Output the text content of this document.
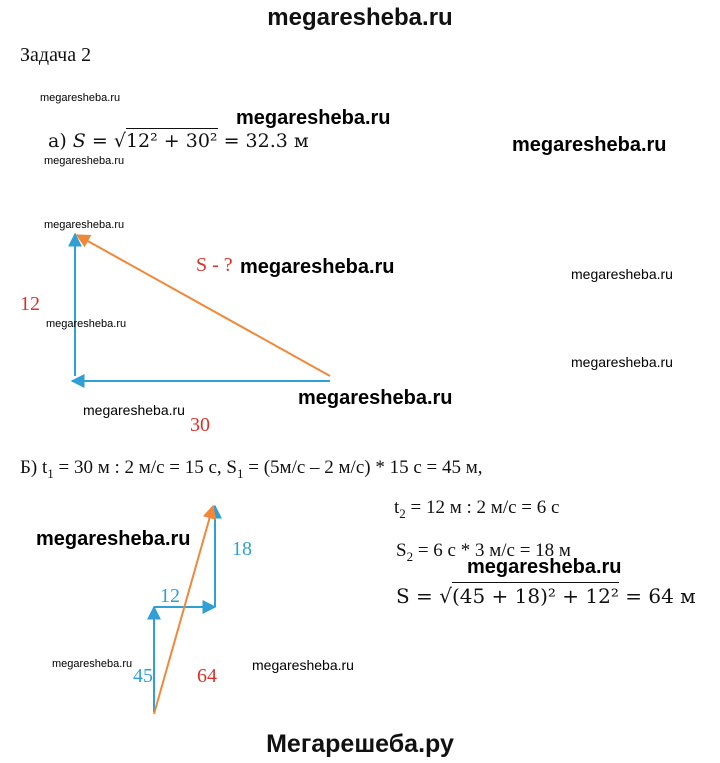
megaresheba.ru
Задача 2
megaresheba.ru
megaresheba.ru
а) S = √12² + 30² = 32.3 м	megaresheba.ru
megaresheba.ru
megaresheba.ru
S - ? megaresheba.ru	megaresheba.ru
12
megaresheba.ru
megaresheba.ru
megaresheba.ru
megaresheba.ru
30
Б) $t_1 = 30$ м : 2 м/с = 15 с, $S_1 = (5м/с - 2$ м/с) * 15 с = 45 м,
$t_2 = 12$ м : 2 м/с = 6 с
megaresheba.ru 18	$S_2 = 6$ с * 3 м/с = 18 м
megaresheba.ru
12	S = √(45 + 18)² + 12² = 64 м
megaresheba.ru	megaresheba.ru
45 64
Мегарешеба.ру
